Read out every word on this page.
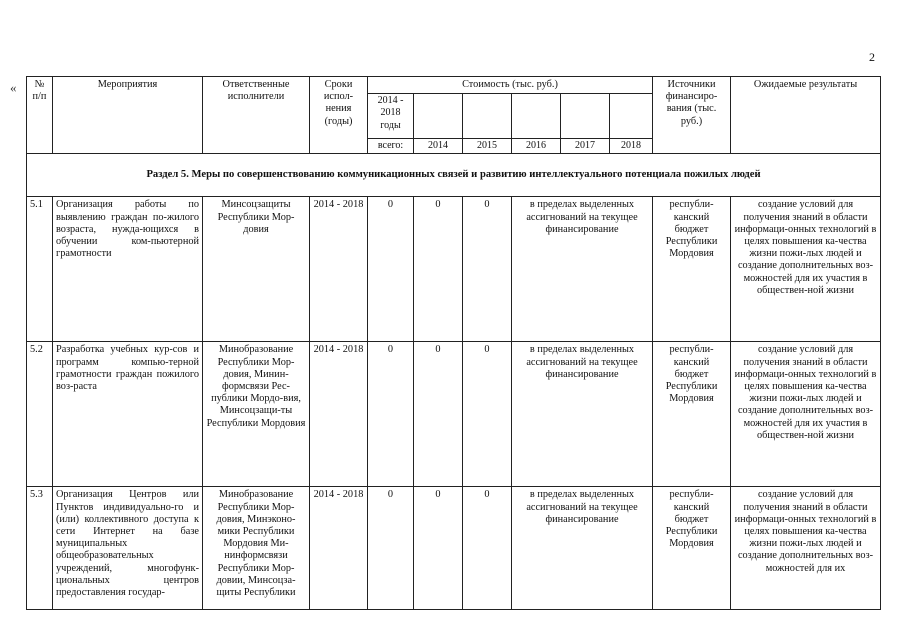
2
« № п/п	Мероприятия	Ответственные исполнители	Сроки испол-нения (годы)	Стоимость (тыс. руб.)						Источники финансиро-вания (тыс. руб.)	Ожидаемые результаты
				2014 - 2018 годы							
				всего:	2014	2015	2016	2017	2018		
Раздел 5. Меры по совершенствованию коммуникационных связей и развитию интеллектуального потенциала пожилых людей											
5.1	Организация работы по выявлению граждан по-жилого возраста, нужда-ющихся в обучении ком-пьютерной грамотности	Минсоцзащиты Республики Мор-довия	2014 - 2018	0	0	0	в пределах выделенных ассигнований на текущее финансирование			республи-канский бюджет Республики Мордовия	создание условий для получения знаний в области информаци-онных технологий в целях повышения ка-чества жизни пожи-лых людей и создание дополнительных воз-можностей для их участия в обществен-ной жизни
5.2	Разработка учебных кур-сов и программ компью-терной грамотности граждан пожилого воз-раста	Минобразование Республики Мор-довия, Минин-формсвязи Рес-публики Мордо-вия, Минсоцзащи-ты Республики Мордовия	2014 - 2018	0	0	0	в пределах выделенных ассигнований на текущее финансирование			республи-канский бюджет Республики Мордовия	создание условий для получения знаний в области информаци-онных технологий в целях повышения ка-чества жизни пожи-лых людей и создание дополнительных воз-можностей для их участия в обществен-ной жизни
5.3	Организация Центров или Пунктов индивидуально-го и (или) коллективного доступа к сети Интернет на базе муниципальных общеобразовательных учреждений, многофунк-циональных центров предоставления государ-	Минобразование Республики Мор-довия, Минэконо-мики Республики Мордовия Ми-нинформсвязи Республики Мор-довии, Минсоцза-щиты Республики	2014 - 2018	0	0	0	в пределах выделенных ассигнований на текущее финансирование			республи-канский бюджет Республики Мордовия	создание условий для получения знаний в области информаци-онных технологий в целях повышения ка-чества жизни пожи-лых людей и создание дополнительных воз-можностей для их
